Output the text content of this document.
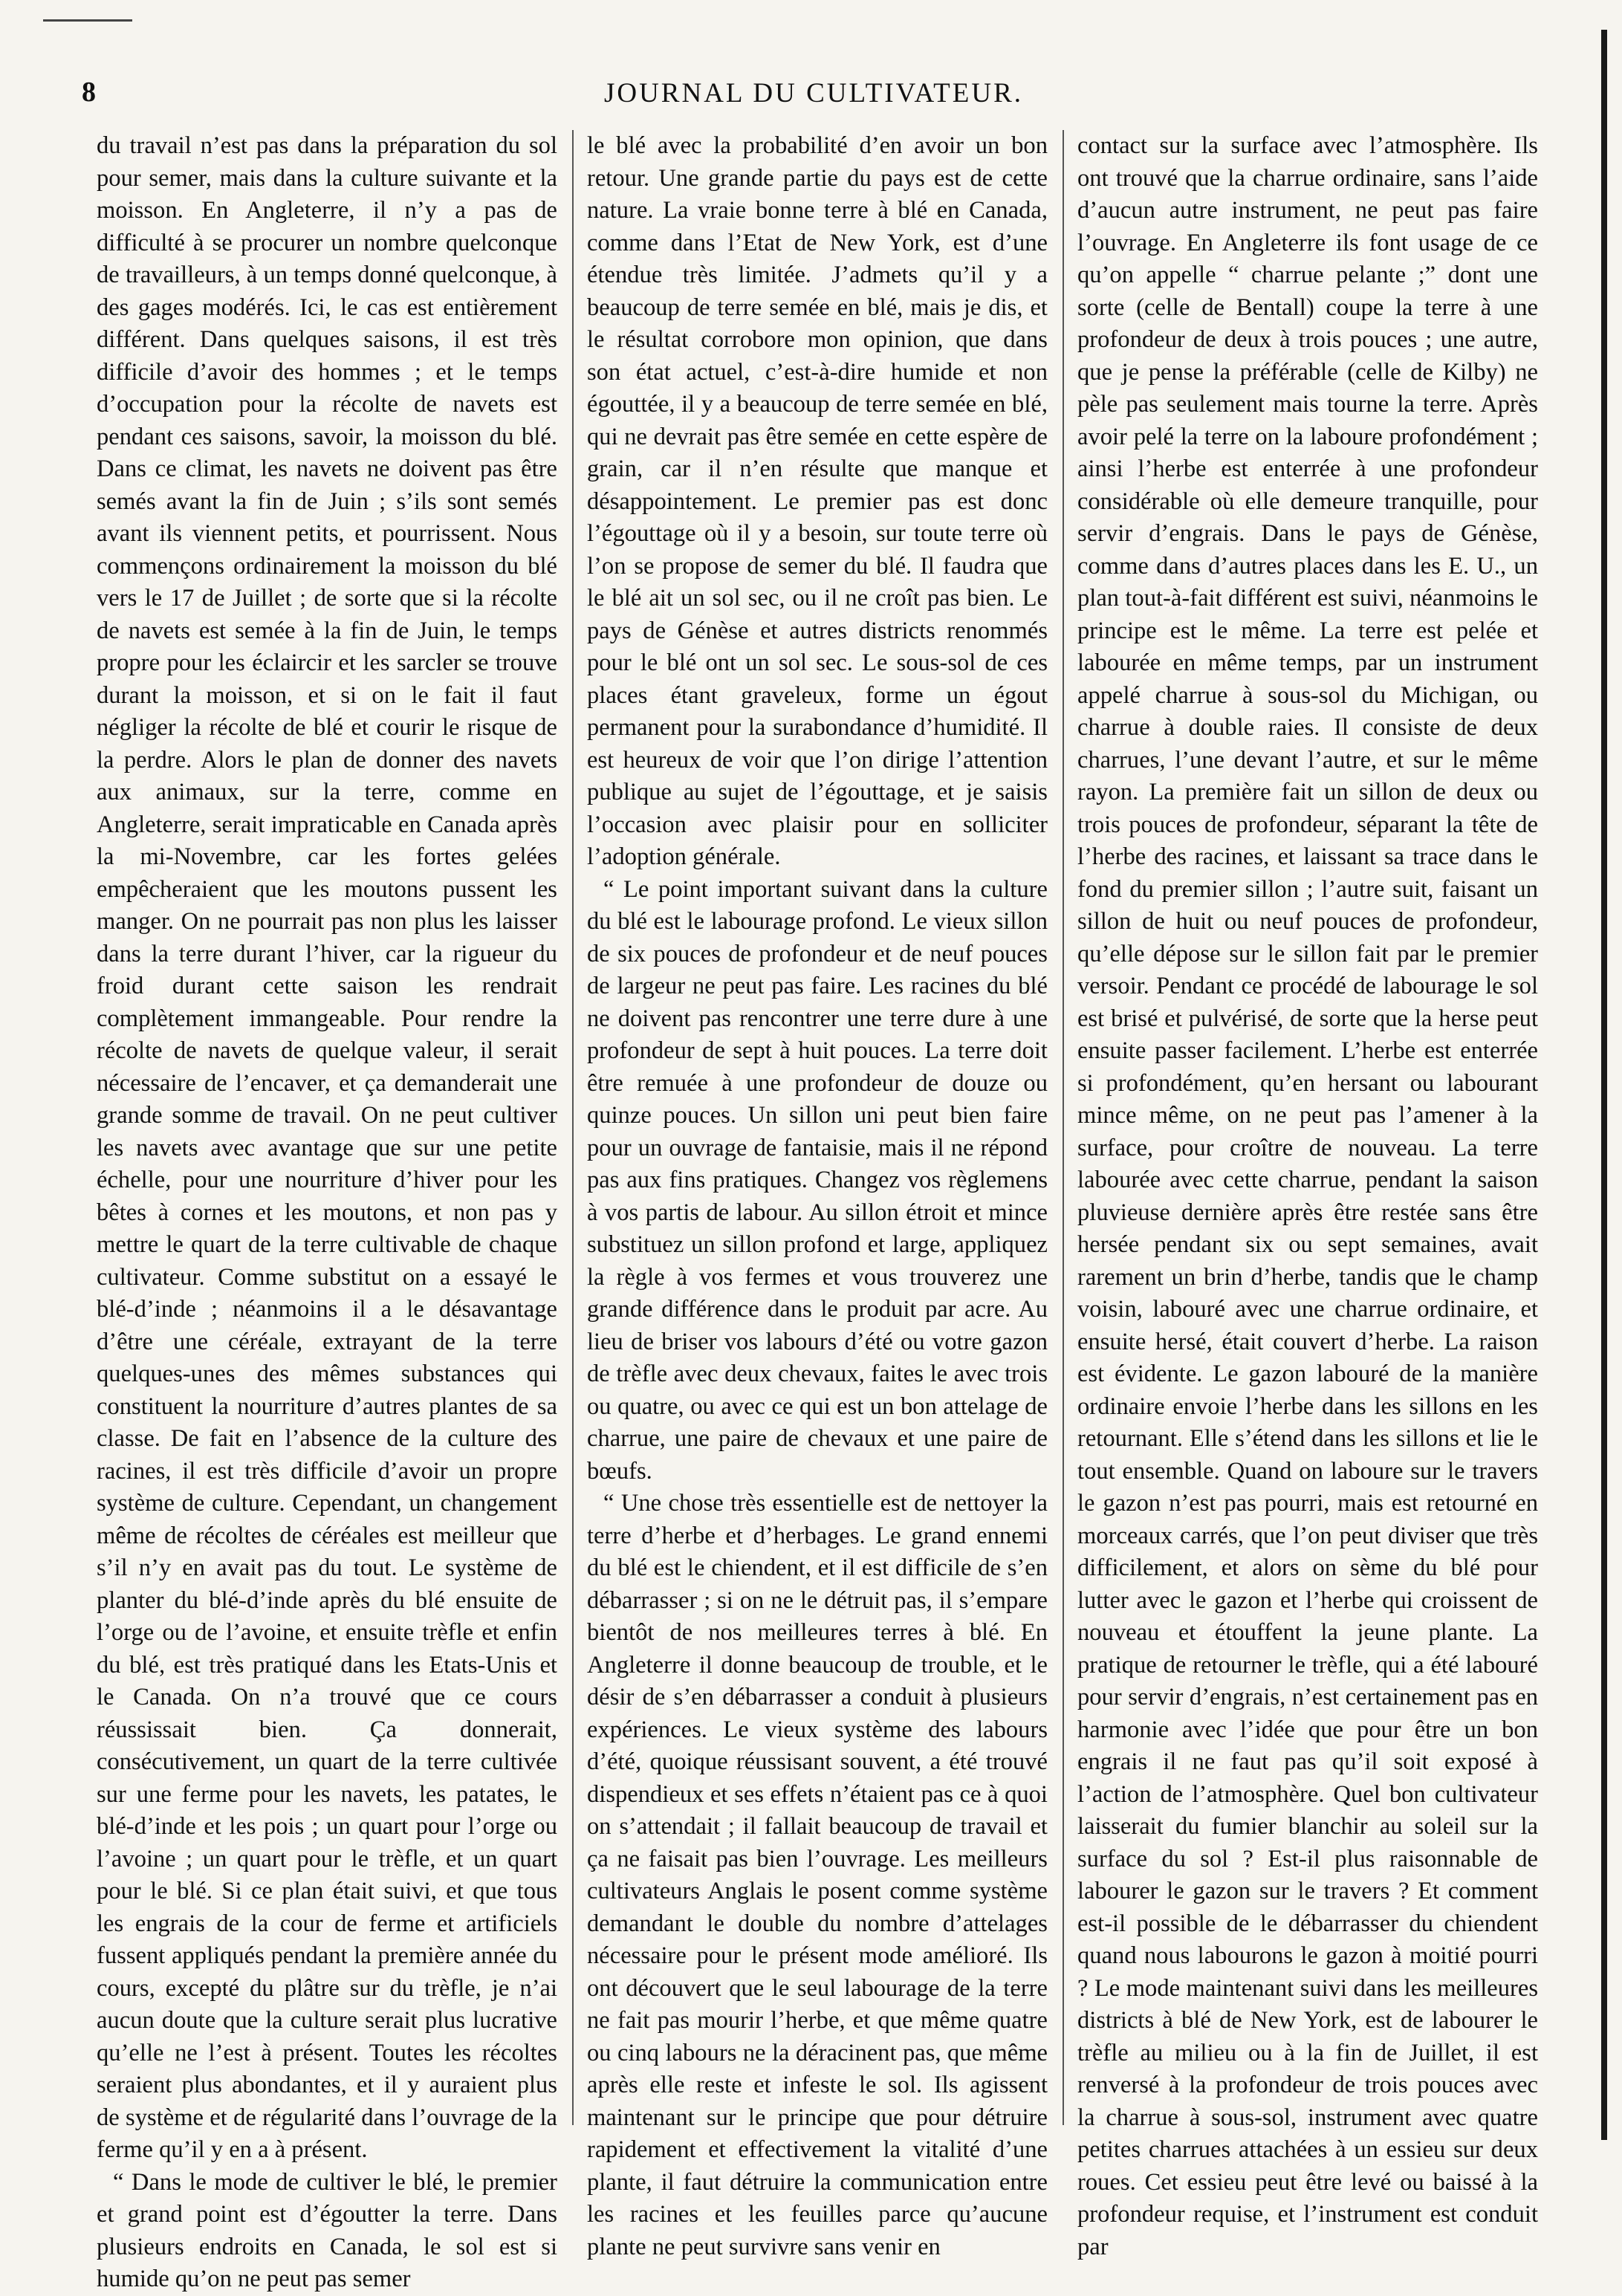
8	JOURNAL DU CULTIVATEUR.

du travail n’est pas dans la préparation du sol pour semer, mais dans la culture suivante et la moisson. En Angleterre, il n’y a pas de difficulté à se procurer un nombre quelconque de travailleurs, à un temps donné quelconque, à des gages modérés. Ici, le cas est entièrement différent. Dans quelques saisons, il est très difficile d’avoir des hommes ; et le temps d’occupation pour la récolte de navets est pendant ces saisons, savoir, la moisson du blé. Dans ce climat, les navets ne doivent pas être semés avant la fin de Juin ; s’ils sont semés avant ils viennent petits, et pourrissent. Nous commençons ordinairement la moisson du blé vers le 17 de Juillet ; de sorte que si la récolte de navets est semée à la fin de Juin, le temps propre pour les éclaircir et les sarcler se trouve durant la moisson, et si on le fait il faut négliger la récolte de blé et courir le risque de la perdre. Alors le plan de donner des navets aux animaux, sur la terre, comme en Angleterre, serait impraticable en Canada après la mi-Novembre, car les fortes gelées empêcheraient que les moutons pussent les manger. On ne pourrait pas non plus les laisser dans la terre durant l’hiver, car la rigueur du froid durant cette saison les rendrait complètement immangeable. Pour rendre la récolte de navets de quelque valeur, il serait nécessaire de l’encaver, et ça demanderait une grande somme de travail. On ne peut cultiver les navets avec avantage que sur une petite échelle, pour une nourriture d’hiver pour les bêtes à cornes et les moutons, et non pas y mettre le quart de la terre cultivable de chaque cultivateur. Comme substitut on a essayé le blé-d’inde ; néanmoins il a le désavantage d’être une céréale, extrayant de la terre quelques-unes des mêmes substances qui constituent la nourriture d’autres plantes de sa classe. De fait en l’absence de la culture des racines, il est très difficile d’avoir un propre système de culture. Cependant, un changement même de récoltes de céréales est meilleur que s’il n’y en avait pas du tout. Le système de planter du blé-d’inde après du blé ensuite de l’orge ou de l’avoine, et ensuite trèfle et enfin du blé, est très pratiqué dans les Etats-Unis et le Canada. On n’a trouvé que ce cours réussissait bien. Ça donnerait, consécutivement, un quart de la terre cultivée sur une ferme pour les navets, les patates, le blé-d’inde et les pois ; un quart pour l’orge ou l’avoine ; un quart pour le trèfle, et un quart pour le blé. Si ce plan était suivi, et que tous les engrais de la cour de ferme et artificiels fussent appliqués pendant la première année du cours, excepté du plâtre sur du trèfle, je n’ai aucun doute que la culture serait plus lucrative qu’elle ne l’est à présent. Toutes les récoltes seraient plus abondantes, et il y auraient plus de système et de régularité dans l’ouvrage de la ferme qu’il y en a à présent.

“ Dans le mode de cultiver le blé, le premier et grand point est d’égoutter la terre. Dans plusieurs endroits en Canada, le sol est si humide qu’on ne peut pas semer

le blé avec la probabilité d’en avoir un bon retour. Une grande partie du pays est de cette nature. La vraie bonne terre à blé en Canada, comme dans l’Etat de New York, est d’une étendue très limitée. J’admets qu’il y a beaucoup de terre semée en blé, mais je dis, et le résultat corrobore mon opinion, que dans son état actuel, c’est-à-dire humide et non égouttée, il y a beaucoup de terre semée en blé, qui ne devrait pas être semée en cette espère de grain, car il n’en résulte que manque et désappointement. Le premier pas est donc l’égouttage où il y a besoin, sur toute terre où l’on se propose de semer du blé. Il faudra que le blé ait un sol sec, ou il ne croît pas bien. Le pays de Génèse et autres districts renommés pour le blé ont un sol sec. Le sous-sol de ces places étant graveleux, forme un égout permanent pour la surabondance d’humidité. Il est heureux de voir que l’on dirige l’attention publique au sujet de l’égouttage, et je saisis l’occasion avec plaisir pour en solliciter l’adoption générale.

“ Le point important suivant dans la culture du blé est le labourage profond. Le vieux sillon de six pouces de profondeur et de neuf pouces de largeur ne peut pas faire. Les racines du blé ne doivent pas rencontrer une terre dure à une profondeur de sept à huit pouces. La terre doit être remuée à une profondeur de douze ou quinze pouces. Un sillon uni peut bien faire pour un ouvrage de fantaisie, mais il ne répond pas aux fins pratiques. Changez vos règlemens à vos partis de labour. Au sillon étroit et mince substituez un sillon profond et large, appliquez la règle à vos fermes et vous trouverez une grande différence dans le produit par acre. Au lieu de briser vos labours d’été ou votre gazon de trèfle avec deux chevaux, faites le avec trois ou quatre, ou avec ce qui est un bon attelage de charrue, une paire de chevaux et une paire de bœufs.

“ Une chose très essentielle est de nettoyer la terre d’herbe et d’herbages. Le grand ennemi du blé est le chiendent, et il est difficile de s’en débarrasser ; si on ne le détruit pas, il s’empare bientôt de nos meilleures terres à blé. En Angleterre il donne beaucoup de trouble, et le désir de s’en débarrasser a conduit à plusieurs expériences. Le vieux système des labours d’été, quoique réussisant souvent, a été trouvé dispendieux et ses effets n’étaient pas ce à quoi on s’attendait ; il fallait beaucoup de travail et ça ne faisait pas bien l’ouvrage. Les meilleurs cultivateurs Anglais le posent comme système demandant le double du nombre d’attelages nécessaire pour le présent mode amélioré. Ils ont découvert que le seul labourage de la terre ne fait pas mourir l’herbe, et que même quatre ou cinq labours ne la déracinent pas, que même après elle reste et infeste le sol. Ils agissent maintenant sur le principe que pour détruire rapidement et effectivement la vitalité d’une plante, il faut détruire la communication entre les racines et les feuilles parce qu’aucune plante ne peut survivre sans venir en

contact sur la surface avec l’atmosphère. Ils ont trouvé que la charrue ordinaire, sans l’aide d’aucun autre instrument, ne peut pas faire l’ouvrage. En Angleterre ils font usage de ce qu’on appelle “ charrue pelante ;” dont une sorte (celle de Bentall) coupe la terre à une profondeur de deux à trois pouces ; une autre, que je pense la préférable (celle de Kilby) ne pèle pas seulement mais tourne la terre. Après avoir pelé la terre on la laboure profondément ; ainsi l’herbe est enterrée à une profondeur considérable où elle demeure tranquille, pour servir d’engrais. Dans le pays de Génèse, comme dans d’autres places dans les E. U., un plan tout-à-fait différent est suivi, néanmoins le principe est le même. La terre est pelée et labourée en même temps, par un instrument appelé charrue à sous-sol du Michigan, ou charrue à double raies. Il consiste de deux charrues, l’une devant l’autre, et sur le même rayon. La première fait un sillon de deux ou trois pouces de profondeur, séparant la tête de l’herbe des racines, et laissant sa trace dans le fond du premier sillon ; l’autre suit, faisant un sillon de huit ou neuf pouces de profondeur, qu’elle dépose sur le sillon fait par le premier versoir. Pendant ce procédé de labourage le sol est brisé et pulvérisé, de sorte que la herse peut ensuite passer facilement. L’herbe est enterrée si profondément, qu’en hersant ou labourant mince même, on ne peut pas l’amener à la surface, pour croître de nouveau. La terre labourée avec cette charrue, pendant la saison pluvieuse dernière après être restée sans être hersée pendant six ou sept semaines, avait rarement un brin d’herbe, tandis que le champ voisin, labouré avec une charrue ordinaire, et ensuite hersé, était couvert d’herbe. La raison est évidente. Le gazon labouré de la manière ordinaire envoie l’herbe dans les sillons en les retournant. Elle s’étend dans les sillons et lie le tout ensemble. Quand on laboure sur le travers le gazon n’est pas pourri, mais est retourné en morceaux carrés, que l’on peut diviser que très difficilement, et alors on sème du blé pour lutter avec le gazon et l’herbe qui croissent de nouveau et étouffent la jeune plante. La pratique de retourner le trèfle, qui a été labouré pour servir d’engrais, n’est certainement pas en harmonie avec l’idée que pour être un bon engrais il ne faut pas qu’il soit exposé à l’action de l’atmosphère. Quel bon cultivateur laisserait du fumier blanchir au soleil sur la surface du sol ? Est-il plus raisonnable de labourer le gazon sur le travers ? Et comment est-il possible de le débarrasser du chiendent quand nous labourons le gazon à moitié pourri ? Le mode maintenant suivi dans les meilleures districts à blé de New York, est de labourer le trèfle au milieu ou à la fin de Juillet, il est renversé à la profondeur de trois pouces avec la charrue à sous-sol, instrument avec quatre petites charrues attachées à un essieu sur deux roues. Cet essieu peut être levé ou baissé à la profondeur requise, et l’instrument est conduit par
